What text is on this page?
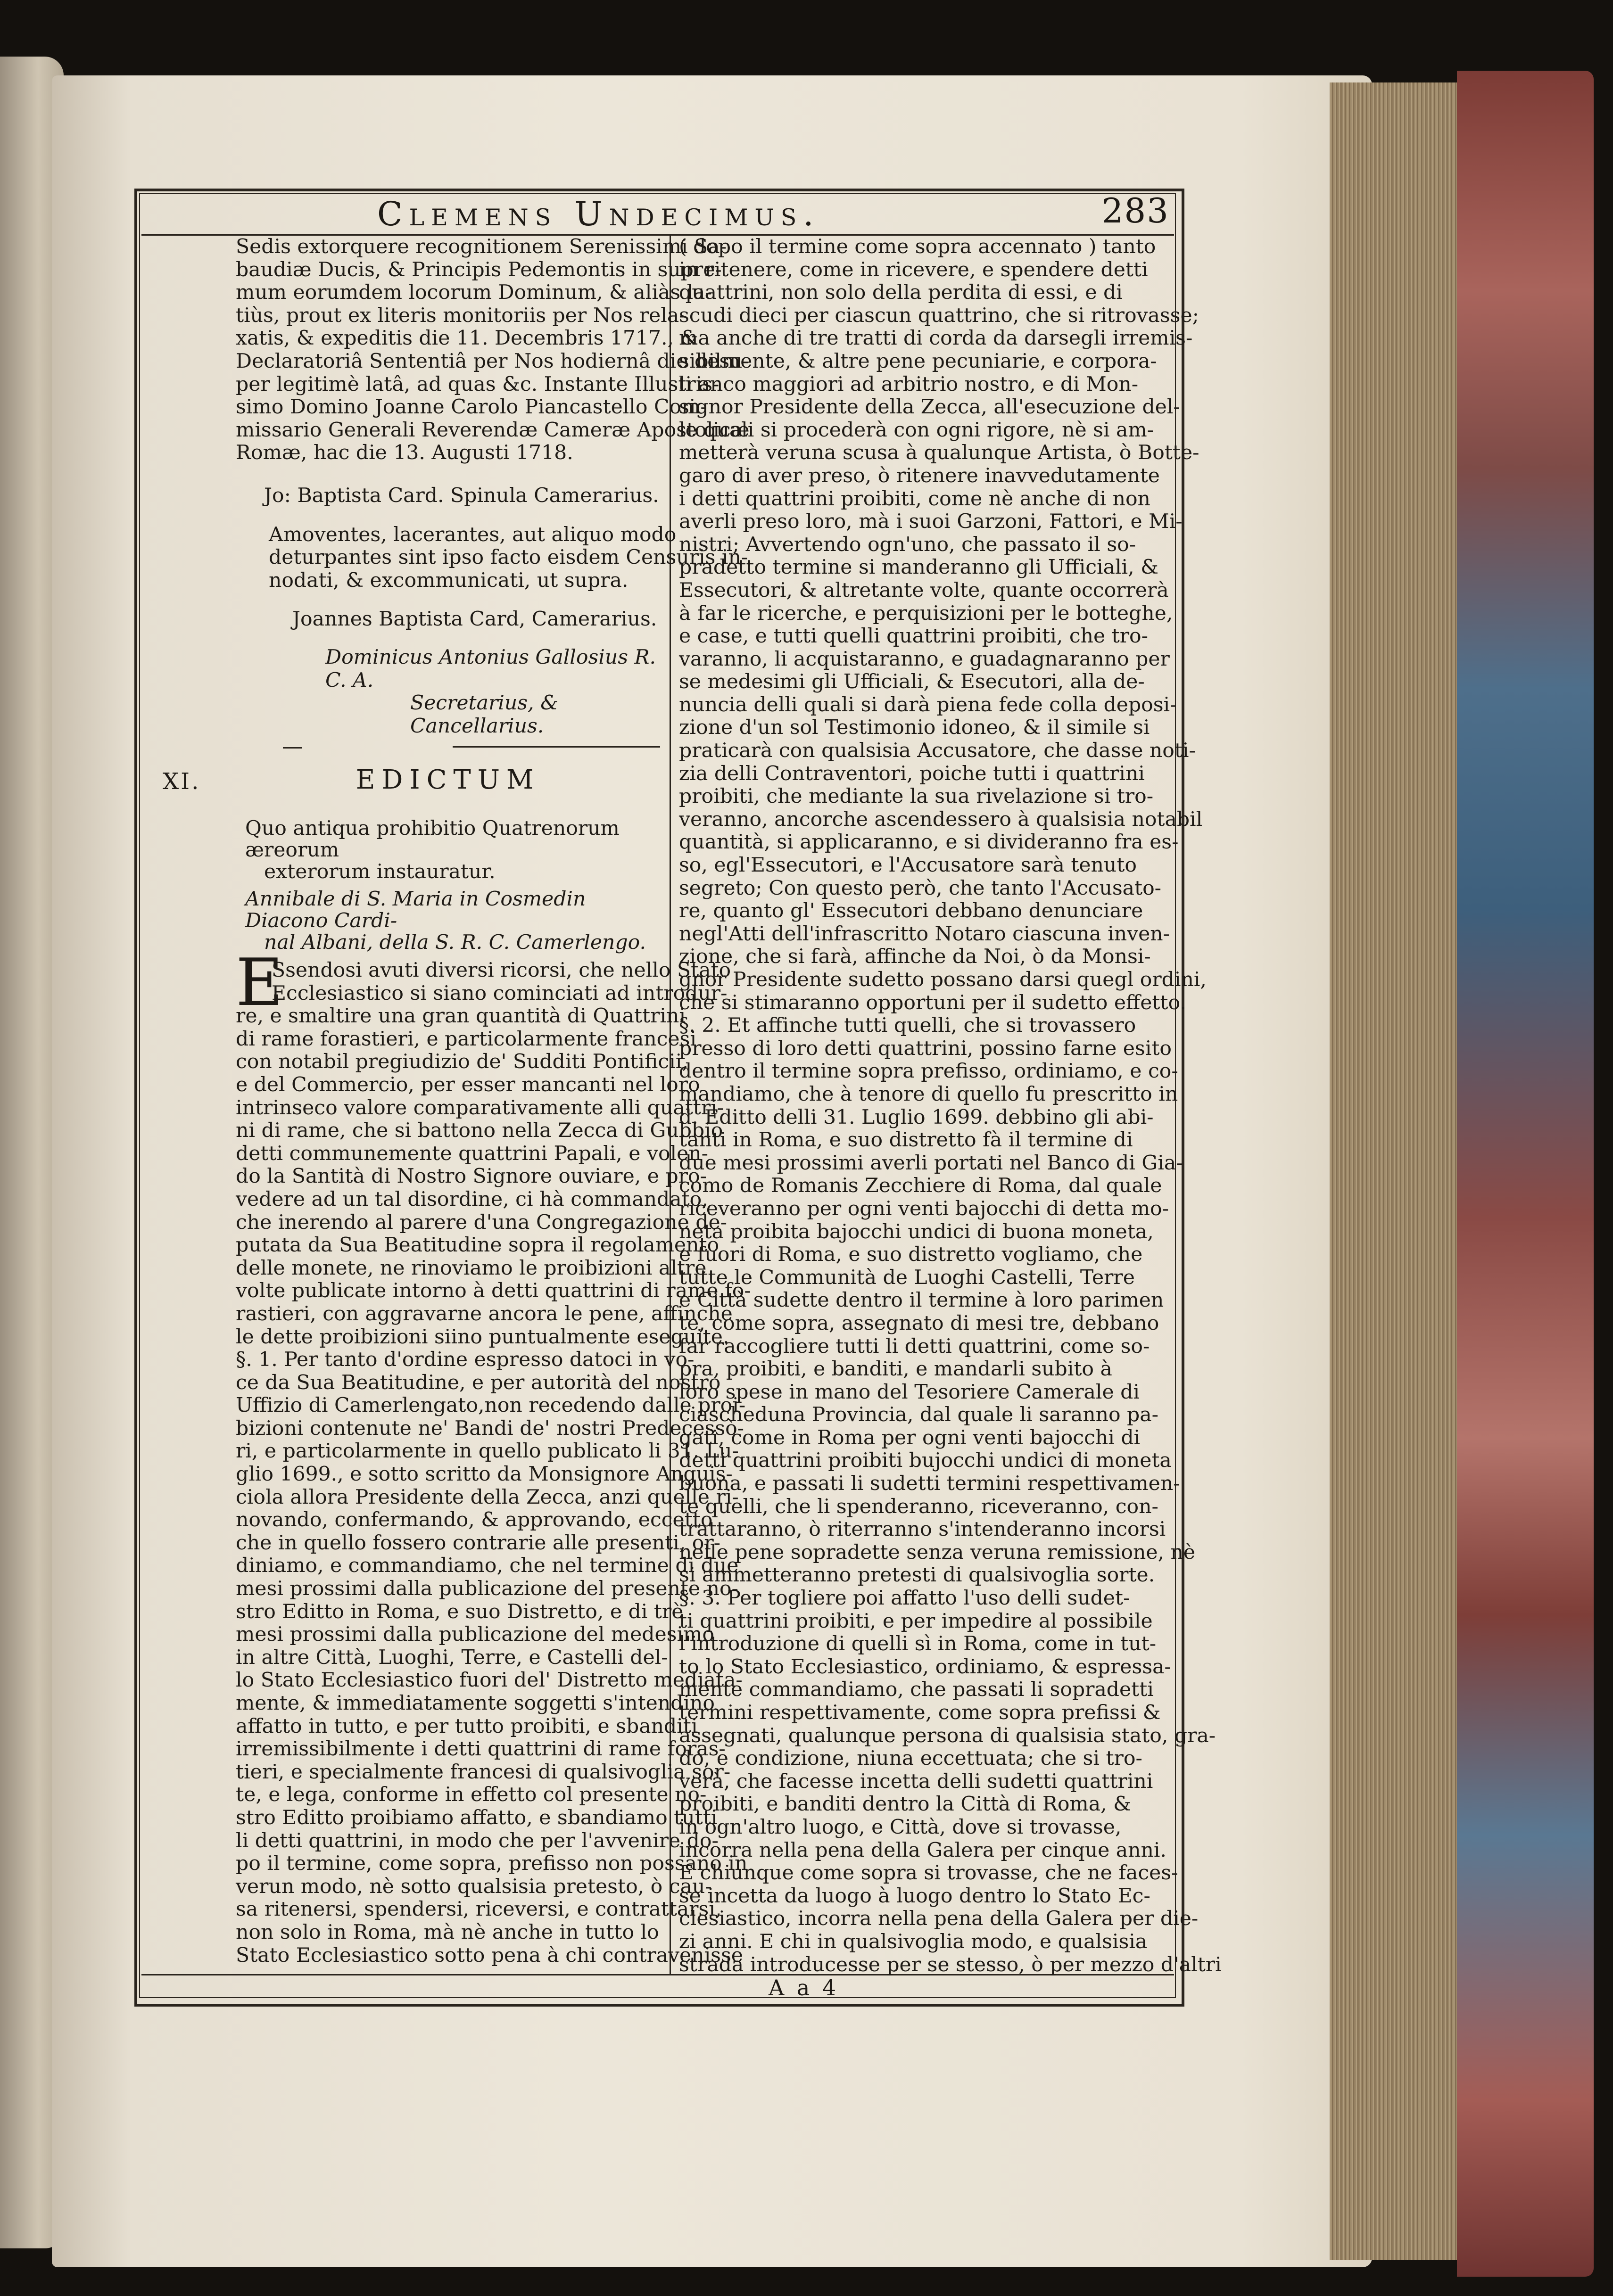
Clemens Undecimus.	283
A a 4

Sedis extorquere recognitionem Serenissimi Sa-

baudiæ Ducis, & Principis Pedemontis in supre-

mum eorumdem locorum Dominum, & aliàs la-

tiùs, prout ex literis monitoriis per Nos rela-

xatis, & expeditis die 11. Decembris 1717., &

Declaratoriâ Sententiâ per Nos hodiernâ die desu-

per legitimè latâ, ad quas &c. Instante Illustris-

simo Domino Joanne Carolo Piancastello Com-

missario Generali Reverendæ Cameræ Apostolicæ

Romæ, hac die 13. Augusti 1718.

Jo: Baptista Card. Spinula Camerarius.

Amoventes, lacerantes, aut aliquo modo

deturpantes sint ipso facto eisdem Censuris in-

nodati, & excommunicati, ut supra.

Joannes Baptista Card, Camerarius.

Dominicus Antonius Gallosius R. C. A.

Secretarius, & Cancellarius.

XI.	EDICTUM

Quo antiqua prohibitio Quatrenorum æreorum

exterorum instauratur.

Annibale di S. Maria in Cosmedin Diacono Cardi-

nal Albani, della S. R. C. Camerlengo.

E

Ssendosi avuti diversi ricorsi, che nello Stato

Ecclesiastico si siano cominciati ad introdur-

re, e smaltire una gran quantità di Quattrini

di rame forastieri, e particolarmente francesi

con notabil pregiudizio de' Sudditi Pontificii,

e del Commercio, per esser mancanti nel loro

intrinseco valore comparativamente alli quattri-

ni di rame, che si battono nella Zecca di Gubbio

detti communemente quattrini Papali, e volen-

do la Santità di Nostro Signore ouviare, e pro-

vedere ad un tal disordine, ci hà commandato,

che inerendo al parere d'una Congregazione de-

putata da Sua Beatitudine sopra il regolamento

delle monete, ne rinoviamo le proibizioni altre

volte publicate intorno à detti quattrini di rame fo-

rastieri, con aggravarne ancora le pene, affinche

le dette proibizioni siino puntualmente eseguite.

§. 1. Per tanto d'ordine espresso datoci in vo-

ce da Sua Beatitudine, e per autorità del nostro

Uffizio di Camerlengato,non recedendo dalle proi-

bizioni contenute ne' Bandi de' nostri Predecessò-

ri, e particolarmente in quello publicato li 31. Lu-

glio 1699., e sotto scritto da Monsignore Anguis-

ciola allora Presidente della Zecca, anzi quelle ri-

novando, confermando, & approvando, eccetto

che in quello fossero contrarie alle presenti, or-

diniamo, e commandiamo, che nel termine di due

mesi prossimi dalla publicazione del presente no-

stro Editto in Roma, e suo Distretto, e di trè

mesi prossimi dalla publicazione del medesimo

in altre Città, Luoghi, Terre, e Castelli del-

lo Stato Ecclesiastico fuori del' Distretto mediata-

mente, & immediatamente soggetti s'intendino

affatto in tutto, e per tutto proibiti, e sbanditi

irremissibilmente i detti quattrini di rame foras-

tieri, e specialmente francesi di qualsivoglia sor-

te, e lega, conforme in effetto col presente no-

stro Editto proibiamo affatto, e sbandiamo tutti

li detti quattrini, in modo che per l'avvenire do-

po il termine, come sopra, prefisso non possano in

verun modo, nè sotto qualsisia pretesto, ò cau-

sa ritenersi, spendersi, riceversi, e contrattarsi,

non solo in Roma, mà nè anche in tutto lo

Stato Ecclesiastico sotto pena à chi contravenisse

( dopo il termine come sopra accennato ) tanto

in ritenere, come in ricevere, e spendere detti

quattrini, non solo della perdita di essi, e di

scudi dieci per ciascun quattrino, che si ritrovasse;

ma anche di tre tratti di corda da darsegli irremis-

sibilmente, & altre pene pecuniarie, e corpora-

li anco maggiori ad arbitrio nostro, e di Mon-

signor Presidente della Zecca, all'esecuzione del-

le quali si procederà con ogni rigore, nè si am-

metterà veruna scusa à qualunque Artista, ò Botte-

garo di aver preso, ò ritenere inavvedutamente

i detti quattrini proibiti, come nè anche di non

averli preso loro, mà i suoi Garzoni, Fattori, e Mi-

nistri; Avvertendo ogn'uno, che passato il so-

pradetto termine si manderanno gli Ufficiali, &

Essecutori, & altretante volte, quante occorrerà

à far le ricerche, e perquisizioni per le botteghe,

e case, e tutti quelli quattrini proibiti, che tro-

varanno, li acquistaranno, e guadagnaranno per

se medesimi gli Ufficiali, & Esecutori, alla de-

nuncia delli quali si darà piena fede colla deposi-

zione d'un sol Testimonio idoneo, & il simile si

praticarà con qualsisia Accusatore, che dasse noti-

zia delli Contraventori, poiche tutti i quattrini

proibiti, che mediante la sua rivelazione si tro-

veranno, ancorche ascendessero à qualsisia notabil

quantità, si applicaranno, e si divideranno fra es-

so, egl'Essecutori, e l'Accusatore sarà tenuto

segreto; Con questo però, che tanto l'Accusato-

re, quanto gl' Essecutori debbano denunciare

negl'Atti dell'infrascritto Notaro ciascuna inven-

zione, che si farà, affinche da Noi, ò da Monsi-

gnor Presidente sudetto possano darsi quegl ordini,

che si stimaranno opportuni per il sudetto effetto.

§. 2. Et affinche tutti quelli, che si trovassero

presso di loro detti quattrini, possino farne esito

dentro il termine sopra prefisso, ordiniamo, e co-

mandiamo, che à tenore di quello fu prescritto in

d. Editto delli 31. Luglio 1699. debbino gli abi-

tanti in Roma, e suo distretto fà il termine di

due mesi prossimi averli portati nel Banco di Gia-

como de Romanis Zecchiere di Roma, dal quale

riceveranno per ogni venti bajocchi di detta mo-

neta proibita bajocchi undici di buona moneta,

e fuori di Roma, e suo distretto vogliamo, che

tutte le Communità de Luoghi Castelli, Terre

e Città sudette dentro il termine à loro parimen

te, come sopra, assegnato di mesi tre, debbano

far raccogliere tutti li detti quattrini, come so-

pra, proibiti, e banditi, e mandarli subito à

loro spese in mano del Tesoriere Camerale di

ciascheduna Provincia, dal quale li saranno pa-

gati, come in Roma per ogni venti bajocchi di

detti quattrini proibiti bujocchi undici di moneta

buona, e passati li sudetti termini respettivamen-

te quelli, che li spenderanno, riceveranno, con-

trattaranno, ò riterranno s'intenderanno incorsi

nelle pene sopradette senza veruna remissione, nè

si ammetteranno pretesti di qualsivoglia sorte.

§. 3. Per togliere poi affatto l'uso delli sudet-

ti quattrini proibiti, e per impedire al possibile

l'introduzione di quelli sì in Roma, come in tut-

to lo Stato Ecclesiastico, ordiniamo, & espressa-

mente commandiamo, che passati li sopradetti

termini respettivamente, come sopra prefissi &

assegnati, qualunque persona di qualsisia stato, gra-

do, e condizione, niuna eccettuata; che si tro-

verà, che facesse incetta delli sudetti quattrini

proibiti, e banditi dentro la Città di Roma, &

in ogn'altro luogo, e Città, dove si trovasse,

incorra nella pena della Galera per cinque anni.

E chiunque come sopra si trovasse, che ne faces-

se incetta da luogo à luogo dentro lo Stato Ec-

clesiastico, incorra nella pena della Galera per die-

zi anni. E chi in qualsivoglia modo, e qualsisia

strada introducesse per se stesso, ò per mezzo d'altri
